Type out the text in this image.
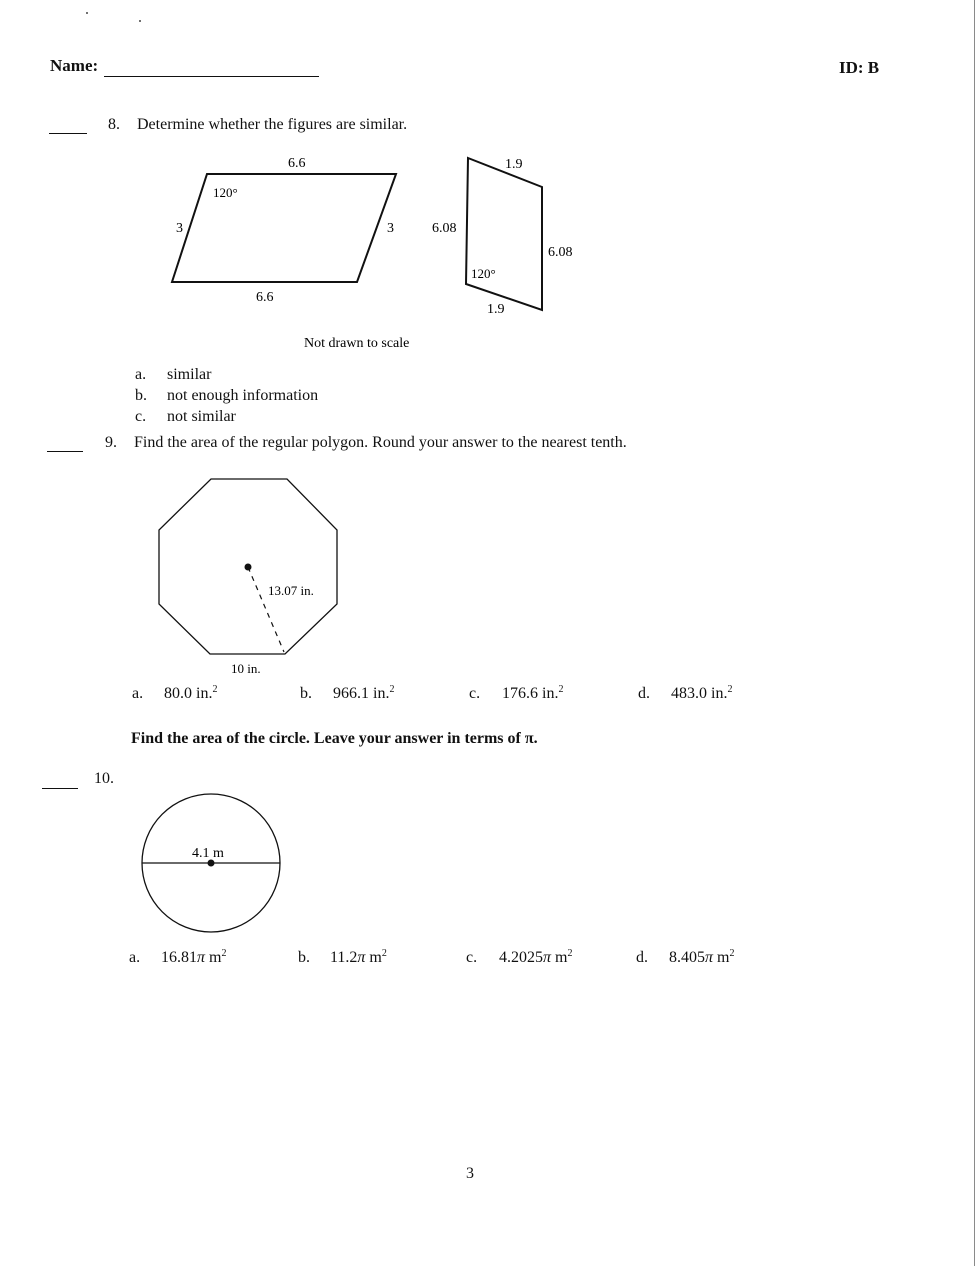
Name:	ID: B
8. Determine whether the figures are similar.
6.6
120°
3	3
6.6
1.9
6.08
6.08
120°
1.9
Not drawn to scale
13.07 in.
10 in.
4.1 m
a. similar
b. not enough information
c. not similar
9. Find the area of the regular polygon. Round your answer to the nearest tenth.
a. 80.0 in.$^2$	b. 966.1 in.$^2$	c. 176.6 in.$^2$	d. 483.0 in.$^2$
Find the area of the circle. Leave your answer in terms of π.
10.
a. 16.81π $m^2$	b. 11.2π $m^2$	c. 4.2025π $m^2$	d. 8.405π $m^2$
3
